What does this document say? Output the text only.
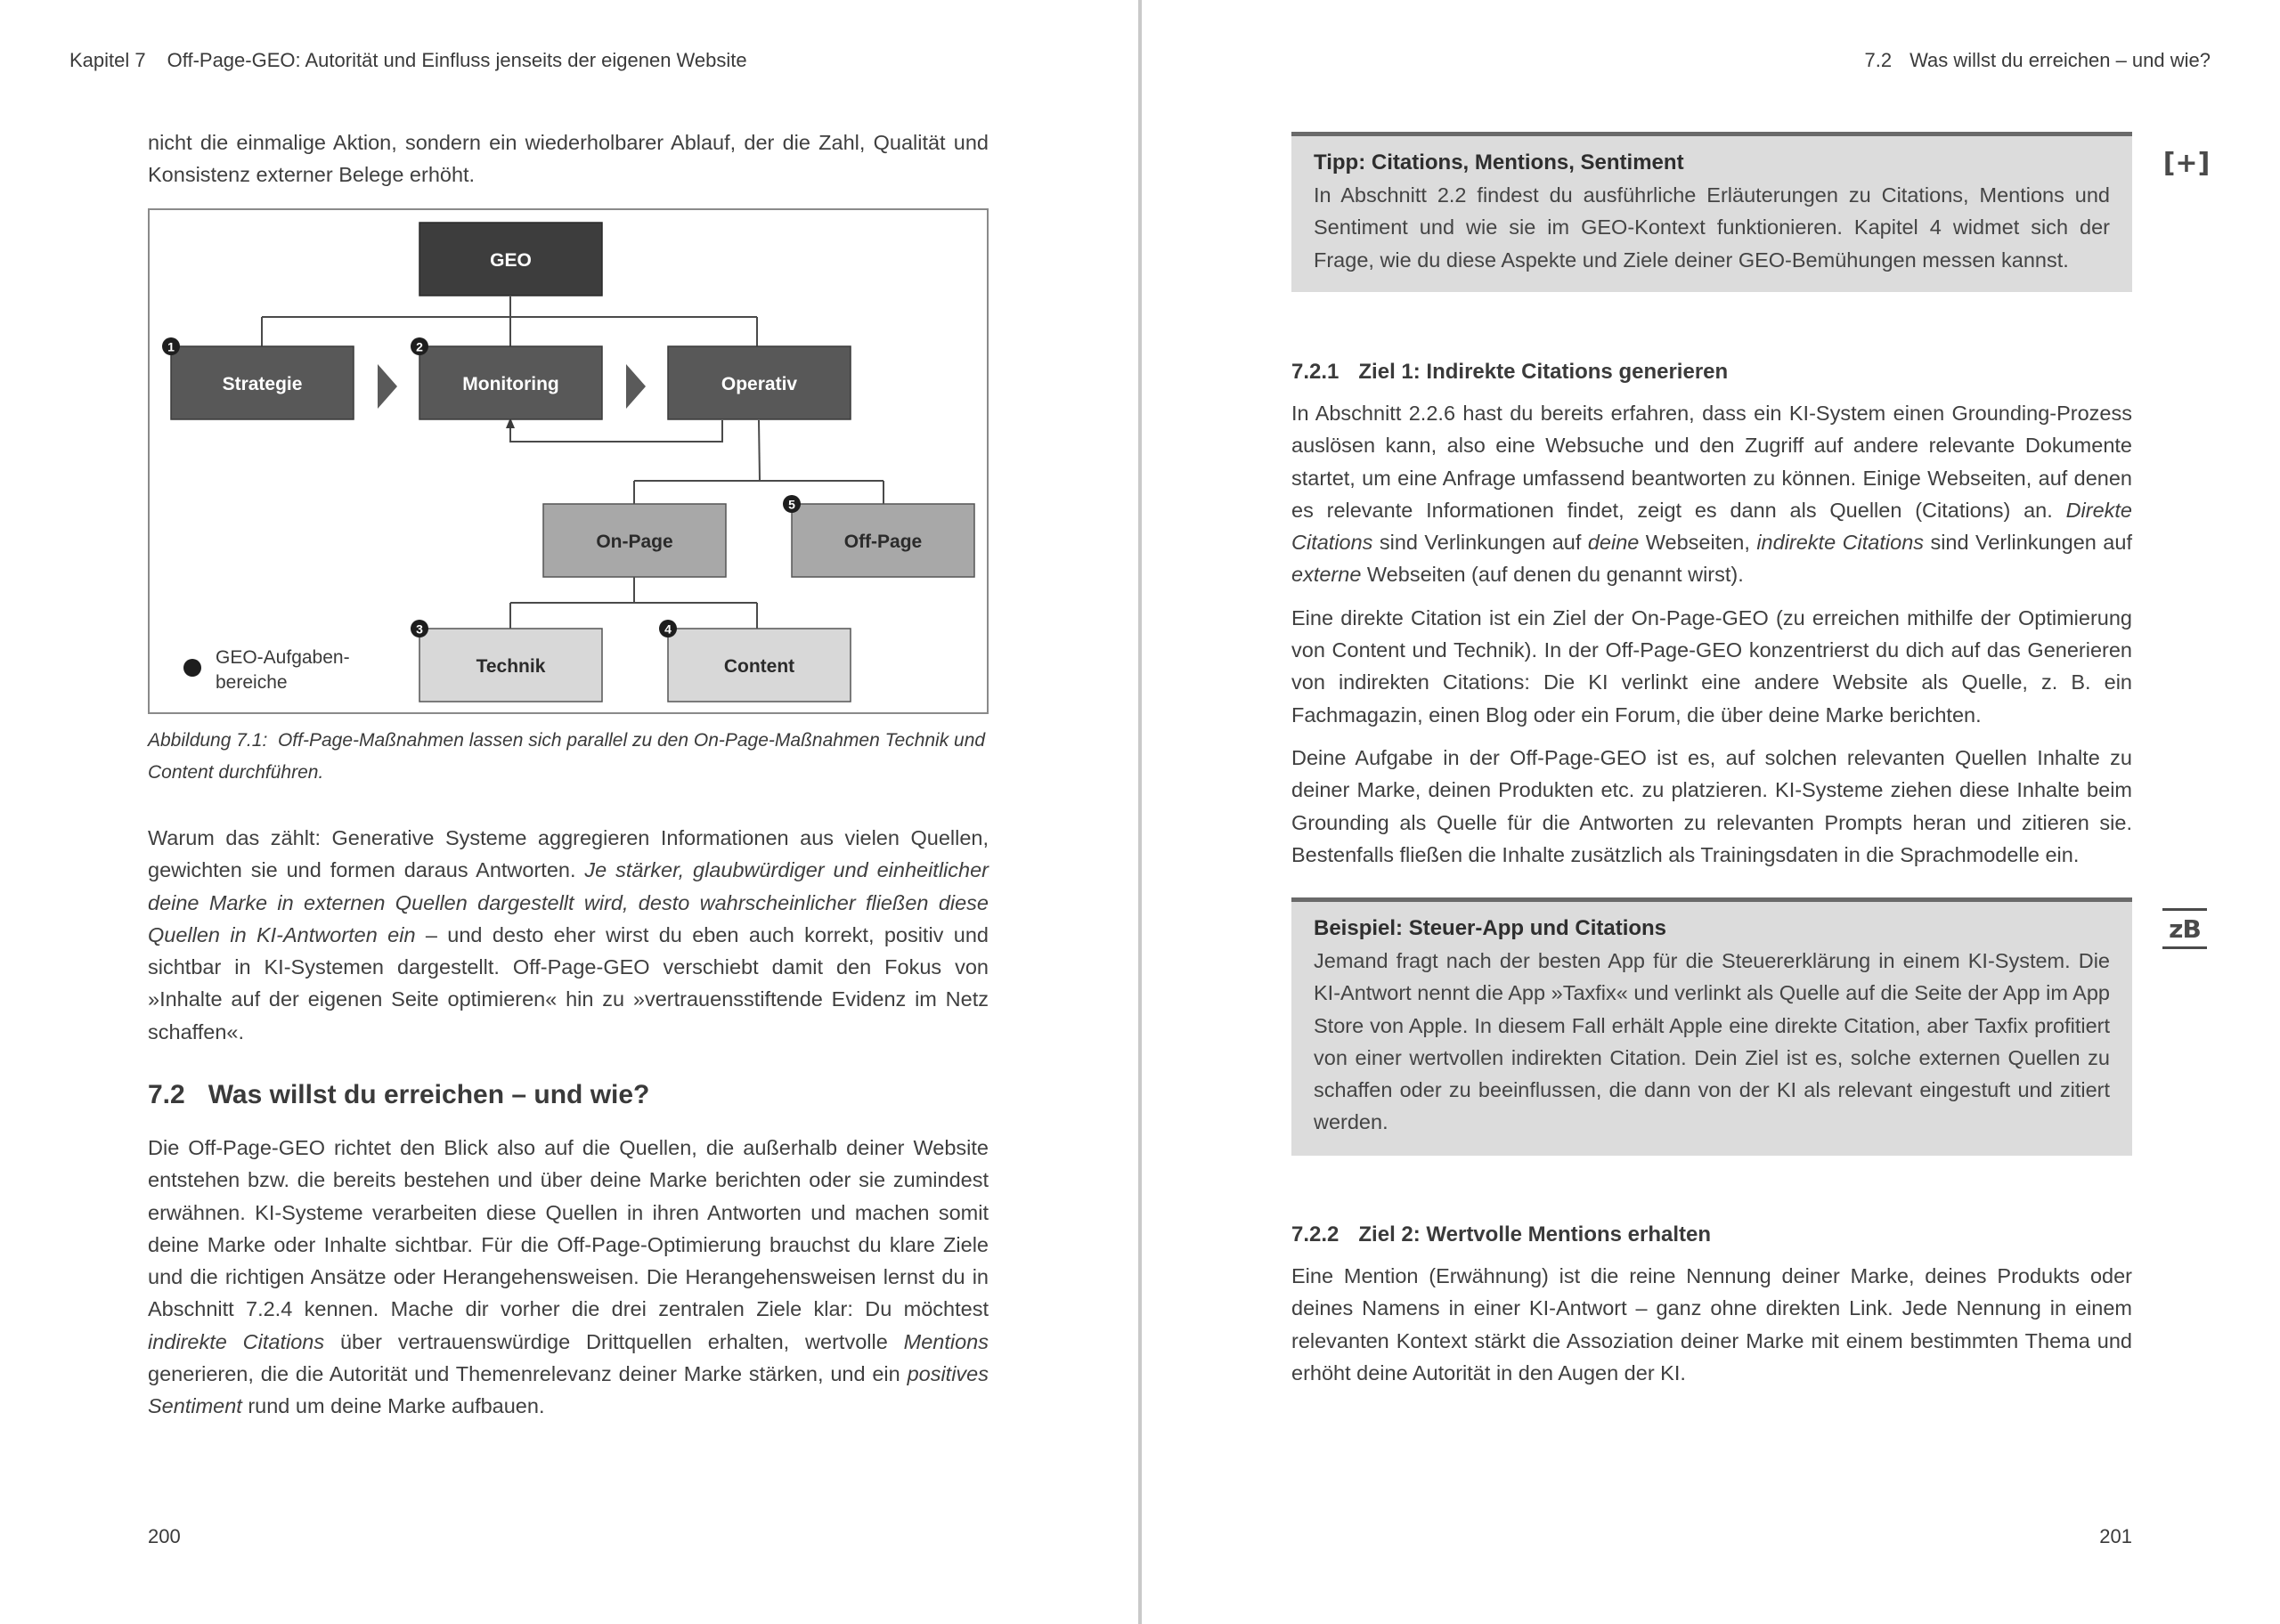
Kapitel 7 Off-Page-GEO: Autorität und Einfluss jenseits der eigenen Website

nicht die einmalige Aktion, sondern ein wiederholbarer Ablauf, der die Zahl, Qualität und Konsistenz externer Belege erhöht.

GEO
Strategie	Monitoring	Operativ
On-Page	Off-Page
Technik	Content
1	2
5
3	4
GEO-Aufgaben-
bereiche
Abbildung 7.1: Off-Page-Maßnahmen lassen sich parallel zu den On-Page-Maßnahmen Technik und Content durchführen.

Warum das zählt: Generative Systeme aggregieren Informationen aus vielen Quellen, gewichten sie und formen daraus Antworten. Je stärker, glaubwürdiger und einheitlicher deine Marke in externen Quellen dargestellt wird, desto wahrscheinlicher fließen diese Quellen in KI-Antworten ein – und desto eher wirst du eben auch korrekt, positiv und sichtbar in KI-Systemen dargestellt. Off-Page-GEO verschiebt damit den Fokus von »Inhalte auf der eigenen Seite optimieren« hin zu »vertrauensstiftende Evidenz im Netz schaffen«.

7.2 Was willst du erreichen – und wie?

Die Off-Page-GEO richtet den Blick also auf die Quellen, die außerhalb deiner Website entstehen bzw. die bereits bestehen und über deine Marke berichten oder sie zumindest erwähnen. KI-Systeme verarbeiten diese Quellen in ihren Antworten und machen somit deine Marke oder Inhalte sichtbar. Für die Off-Page-Optimierung brauchst du klare Ziele und die richtigen Ansätze oder Herangehensweisen. Die Herangehensweisen lernst du in Abschnitt 7.2.4 kennen. Mache dir vorher die drei zentralen Ziele klar: Du möchtest indirekte Citations über vertrauenswürdige Drittquellen erhalten, wertvolle Mentions generieren, die die Autorität und Themenrelevanz deiner Marke stärken, und ein positives Sentiment rund um deine Marke aufbauen.

200
7.2 Was willst du erreichen – und wie?
Tipp: Citations, Mentions, Sentiment
In Abschnitt 2.2 findest du ausführliche Erläuterungen zu Citations, Mentions und Sentiment und wie sie im GEO-Kontext funktionieren. Kapitel 4 widmet sich der Frage, wie du diese Aspekte und Ziele deiner GEO-Bemühungen messen kannst.
[+]
7.2.1 Ziel 1: Indirekte Citations generieren

In Abschnitt 2.2.6 hast du bereits erfahren, dass ein KI-System einen Grounding-Prozess auslösen kann, also eine Websuche und den Zugriff auf andere relevante Dokumente startet, um eine Anfrage umfassend beantworten zu können. Einige Webseiten, auf denen es relevante Informationen findet, zeigt es dann als Quellen (Citations) an. Direkte Citations sind Verlinkungen auf deine Webseiten, indirekte Citations sind Verlinkungen auf externe Webseiten (auf denen du genannt wirst).

Eine direkte Citation ist ein Ziel der On-Page-GEO (zu erreichen mithilfe der Optimierung von Content und Technik). In der Off-Page-GEO konzentrierst du dich auf das Generieren von indirekten Citations: Die KI verlinkt eine andere Website als Quelle, z. B. ein Fachmagazin, einen Blog oder ein Forum, die über deine Marke berichten.

Deine Aufgabe in der Off-Page-GEO ist es, auf solchen relevanten Quellen Inhalte zu deiner Marke, deinen Produkten etc. zu platzieren. KI-Systeme ziehen diese Inhalte beim Grounding als Quelle für die Antworten zu relevanten Prompts heran und zitieren sie. Bestenfalls fließen die Inhalte zusätzlich als Trainingsdaten in die Sprachmodelle ein.

Beispiel: Steuer-App und Citations
Jemand fragt nach der besten App für die Steuererklärung in einem KI-System. Die KI-Antwort nennt die App »Taxfix« und verlinkt als Quelle auf die Seite der App im App Store von Apple. In diesem Fall erhält Apple eine direkte Citation, aber Taxfix profitiert von einer wertvollen indirekten Citation. Dein Ziel ist es, solche externen Quellen zu schaffen oder zu beeinflussen, die dann von der KI als relevant eingestuft und zitiert werden.
zB
7.2.2 Ziel 2: Wertvolle Mentions erhalten

Eine Mention (Erwähnung) ist die reine Nennung deiner Marke, deines Produkts oder deines Namens in einer KI-Antwort – ganz ohne direkten Link. Jede Nennung in einem relevanten Kontext stärkt die Assoziation deiner Marke mit einem bestimmten Thema und erhöht deine Autorität in den Augen der KI.

201
